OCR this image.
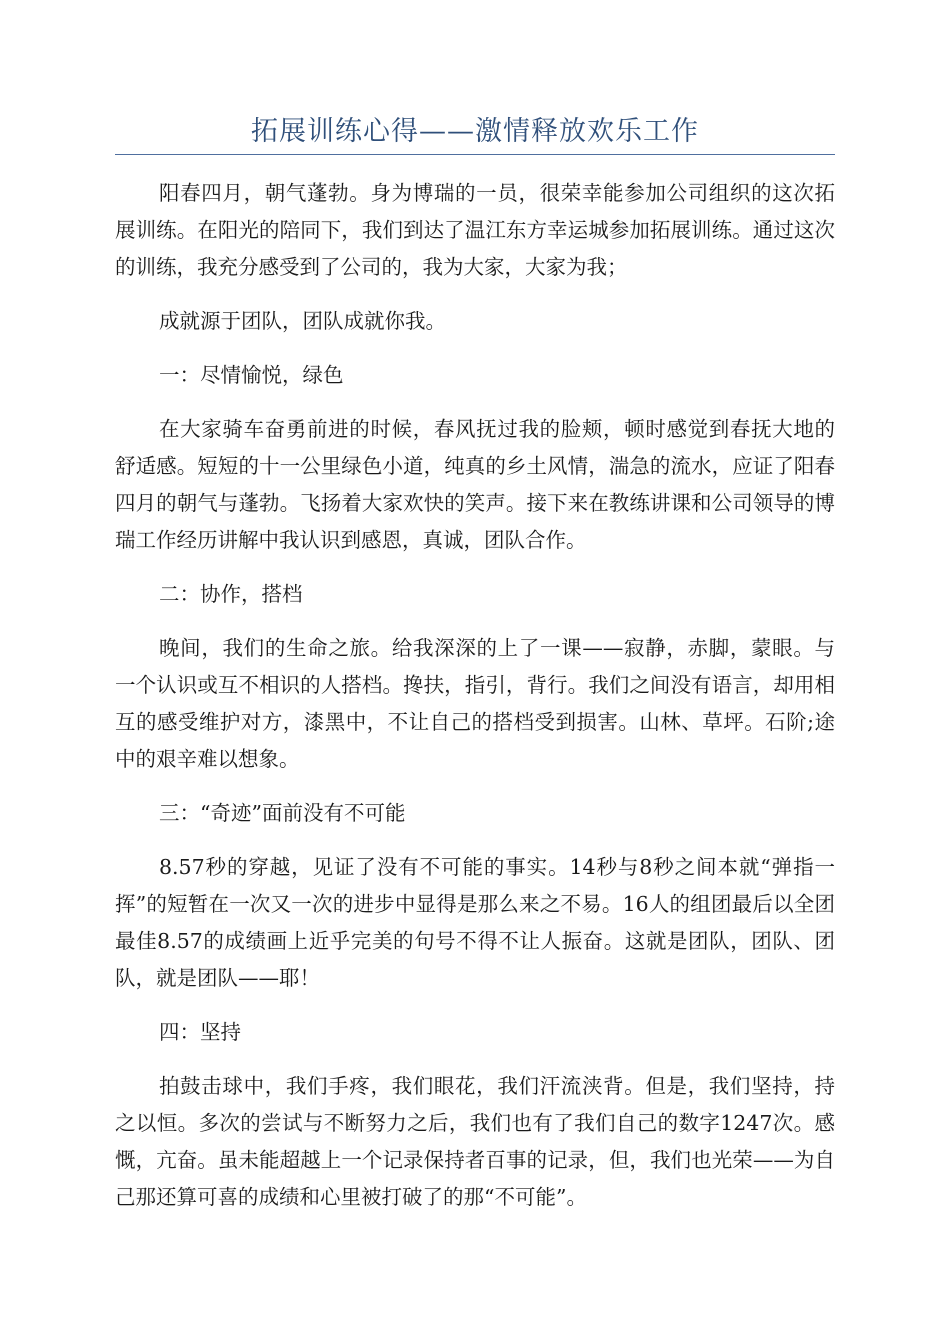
拓展训练心得——激情释放欢乐工作

阳春四月，朝气蓬勃。身为博瑞的一员，很荣幸能参加公司组织的这次拓展训练。在阳光的陪同下，我们到达了温江东方幸运城参加拓展训练。通过这次的训练，我充分感受到了公司的，我为大家，大家为我；

成就源于团队，团队成就你我。

一：尽情愉悦，绿色

在大家骑车奋勇前进的时候，春风抚过我的脸颊，顿时感觉到春抚大地的舒适感。短短的十一公里绿色小道，纯真的乡土风情，湍急的流水，应证了阳春四月的朝气与蓬勃。飞扬着大家欢快的笑声。接下来在教练讲课和公司领导的博瑞工作经历讲解中我认识到感恩，真诚，团队合作。

二：协作，搭档

晚间，我们的生命之旅。给我深深的上了一课——寂静，赤脚，蒙眼。与一个认识或互不相识的人搭档。搀扶，指引，背行。我们之间没有语言，却用相互的感受维护对方，漆黑中，不让自己的搭档受到损害。山林、草坪。石阶;途中的艰辛难以想象。

三：“奇迹”面前没有不可能

8.57秒的穿越，见证了没有不可能的事实。14秒与8秒之间本就“弹指一挥”的短暂在一次又一次的进步中显得是那么来之不易。16人的组团最后以全团最佳8.57的成绩画上近乎完美的句号不得不让人振奋。这就是团队，团队、团队，就是团队——耶！

四：坚持

拍鼓击球中，我们手疼，我们眼花，我们汗流浃背。但是，我们坚持，持之以恒。多次的尝试与不断努力之后，我们也有了我们自己的数字1247次。感慨，亢奋。虽未能超越上一个记录保持者百事的记录，但，我们也光荣——为自己那还算可喜的成绩和心里被打破了的那“不可能”。
